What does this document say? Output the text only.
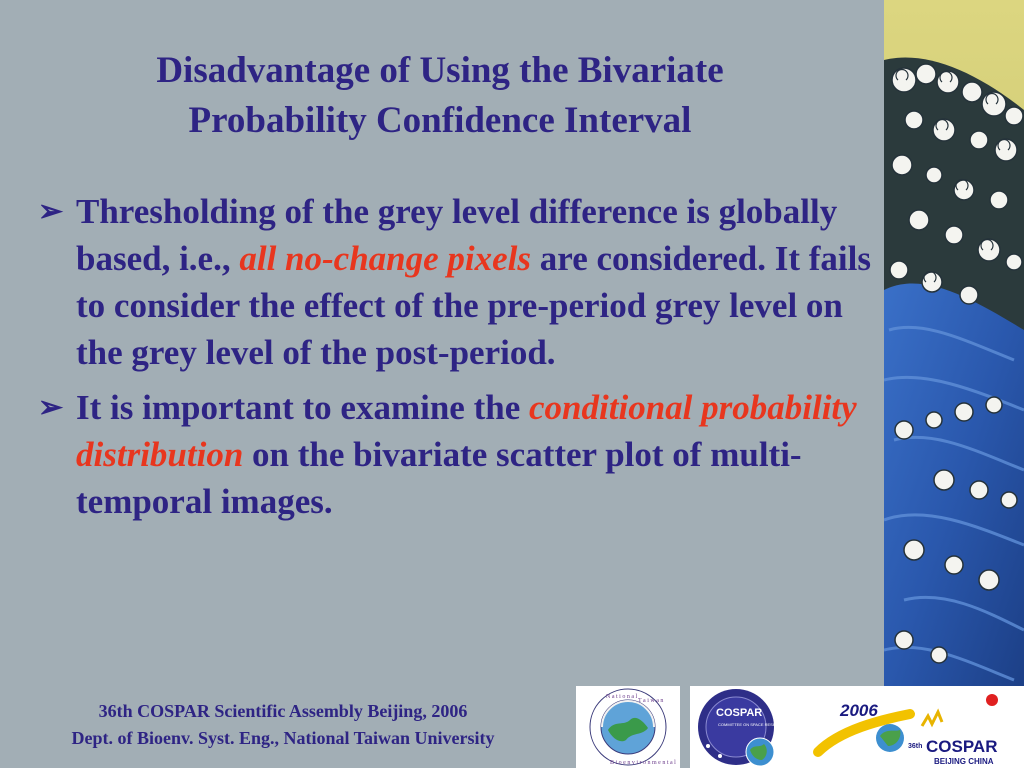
Disadvantage of Using the Bivariate
Probability Confidence Interval
➢ Thresholding of the grey level difference is globally based, i.e., all no-change pixels are considered. It fails to consider the effect of the pre-period grey level on the grey level of the post-period.
➢ It is important to examine the conditional probability distribution on the bivariate scatter plot of multi-temporal images.
36th COSPAR Scientific Assembly Beijing, 2006
Dept. of Bioenv. Syst. Eng., National Taiwan University
N a t i o n a l
T a i w a n
B i o e n v i r o n m e n t a l
COSPAR
COMMITTEE ON SPACE RESEARCH
2006
36th COSPAR
BEIJING CHINA
